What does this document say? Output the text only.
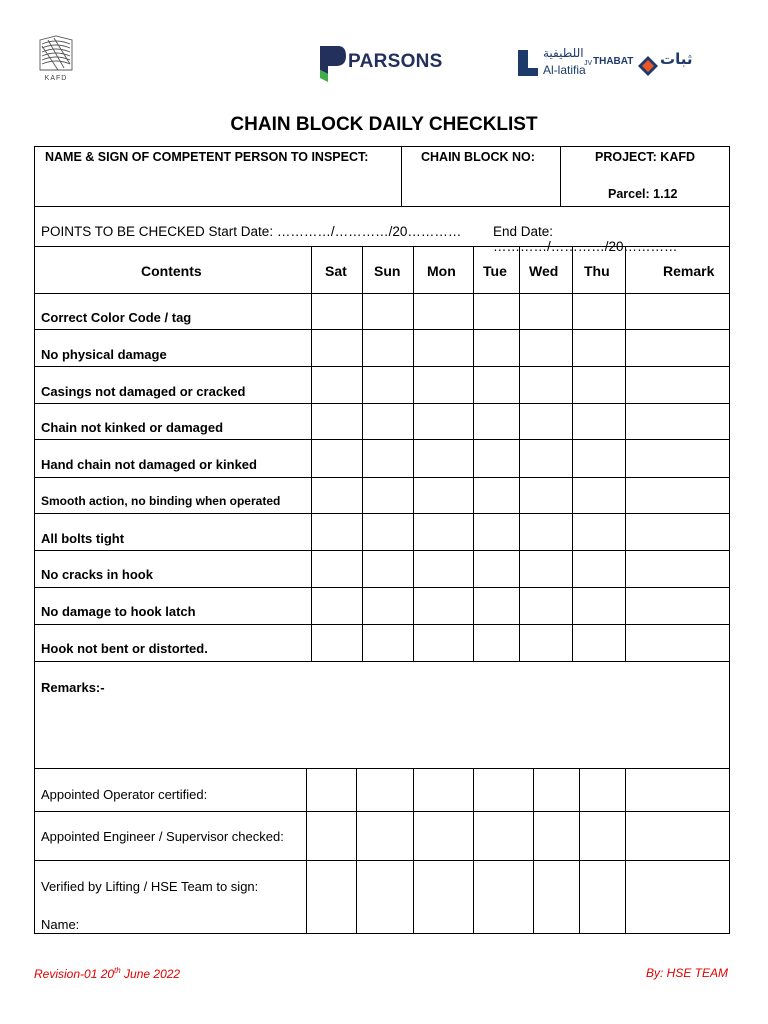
KAFD
PARSONS	اللطيفية
Al-latifia
JV THABAT ثبات
CHAIN BLOCK DAILY CHECKLIST
NAME & SIGN OF COMPETENT PERSON TO INSPECT:	CHAIN BLOCK NO:	PROJECT: KAFD
Parcel: 1.12
POINTS TO BE CHECKED Start Date: …………/…………/20………… End Date: …………/…………/20…………
Contents	Sat Sun Mon Tue Wed Thu	Remark
Correct Color Code / tag
No physical damage
Casings not damaged or cracked
Chain not kinked or damaged
Hand chain not damaged or kinked
Smooth action, no binding when operated
All bolts tight
No cracks in hook
No damage to hook latch
Hook not bent or distorted.
Remarks:-
Appointed Operator certified:
Appointed Engineer / Supervisor checked:
Verified by Lifting / HSE Team to sign:
Name:
Revision-01 20th June 2022	By: HSE TEAM
